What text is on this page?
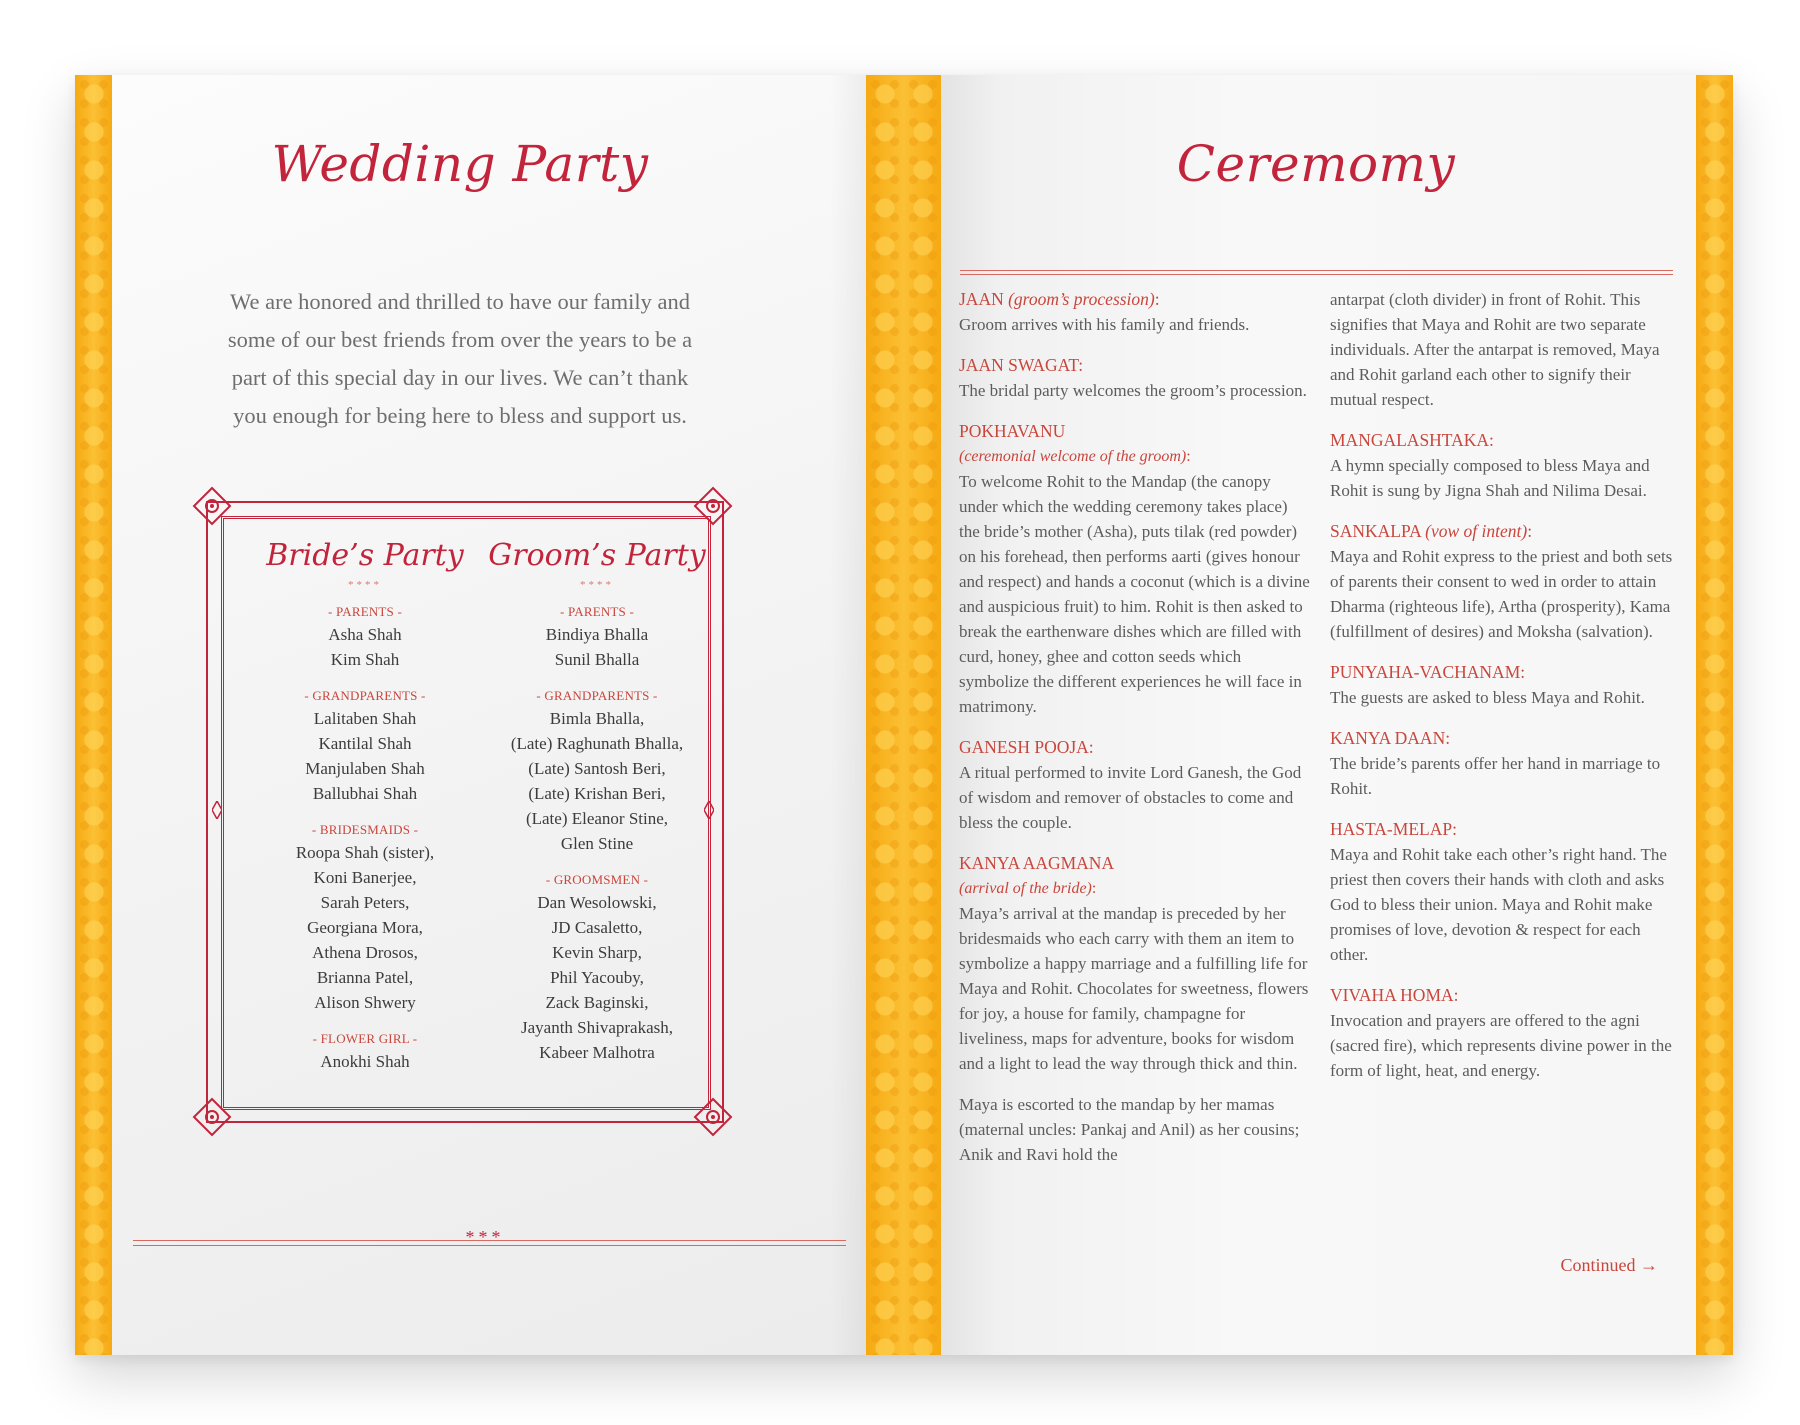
Wedding Party
We are honored and thrilled to have our family and some of our best friends from over the years to be a part of this special day in our lives. We can’t thank you enough for being here to bless and support us.
Bride’s Party
****
- PARENTS -
Asha Shah
Kim Shah
- GRANDPARENTS -
Lalitaben Shah
Kantilal Shah
Manjulaben Shah
Ballubhai Shah
- BRIDESMAIDS -
Roopa Shah (sister),
Koni Banerjee,
Sarah Peters,
Georgiana Mora,
Athena Drosos,
Brianna Patel,
Alison Shwery
- FLOWER GIRL -
Anokhi Shah
Groom’s Party
****
- PARENTS -
Bindiya Bhalla
Sunil Bhalla
- GRANDPARENTS -
Bimla Bhalla,
(Late) Raghunath Bhalla,
(Late) Santosh Beri,
(Late) Krishan Beri,
(Late) Eleanor Stine,
Glen Stine
- GROOMSMEN -
Dan Wesolowski,
JD Casaletto,
Kevin Sharp,
Phil Yacouby,
Zack Baginski,
Jayanth Shivaprakash,
Kabeer Malhotra
***
Ceremomy
JAAN (groom’s procession):
Groom arrives with his family and friends.
JAAN SWAGAT:
The bridal party welcomes the groom’s procession.
POKHAVANU
(ceremonial welcome of the groom):
To welcome Rohit to the Mandap (the canopy under which the wedding ceremony takes place) the bride’s mother (Asha), puts tilak (red powder) on his forehead, then performs aarti (gives honour and respect) and hands a coconut (which is a divine and auspicious fruit) to him. Rohit is then asked to break the earthenware dishes which are filled with curd, honey, ghee and cotton seeds which symbolize the different experiences he will face in matrimony.
GANESH POOJA:
A ritual performed to invite Lord Ganesh, the God of wisdom and remover of obstacles to come and bless the couple.
KANYA AAGMANA
(arrival of the bride):
Maya’s arrival at the mandap is preceded by her bridesmaids who each carry with them an item to symbolize a happy marriage and a fulfilling life for Maya and Rohit. Chocolates for sweetness, flowers for joy, a house for family, champagne for liveliness, maps for adventure, books for wisdom and a light to lead the way through thick and thin.
Maya is escorted to the mandap by her mamas (maternal uncles: Pankaj and Anil) as her cousins; Anik and Ravi hold the
antarpat (cloth divider) in front of Rohit. This signifies that Maya and Rohit are two separate individuals. After the antarpat is removed, Maya and Rohit garland each other to signify their mutual respect.
MANGALASHTAKA:
A hymn specially composed to bless Maya and Rohit is sung by Jigna Shah and Nilima Desai.
SANKALPA (vow of intent):
Maya and Rohit express to the priest and both sets of parents their consent to wed in order to attain Dharma (righteous life), Artha (prosperity), Kama (fulfillment of desires) and Moksha (salvation).
PUNYAHA-VACHANAM:
The guests are asked to bless Maya and Rohit.
KANYA DAAN:
The bride’s parents offer her hand in marriage to Rohit.
HASTA-MELAP:
Maya and Rohit take each other’s right hand. The priest then covers their hands with cloth and asks God to bless their union. Maya and Rohit make promises of love, devotion & respect for each other.
VIVAHA HOMA:
Invocation and prayers are offered to the agni (sacred fire), which represents divine power in the form of light, heat, and energy.
Continued →
